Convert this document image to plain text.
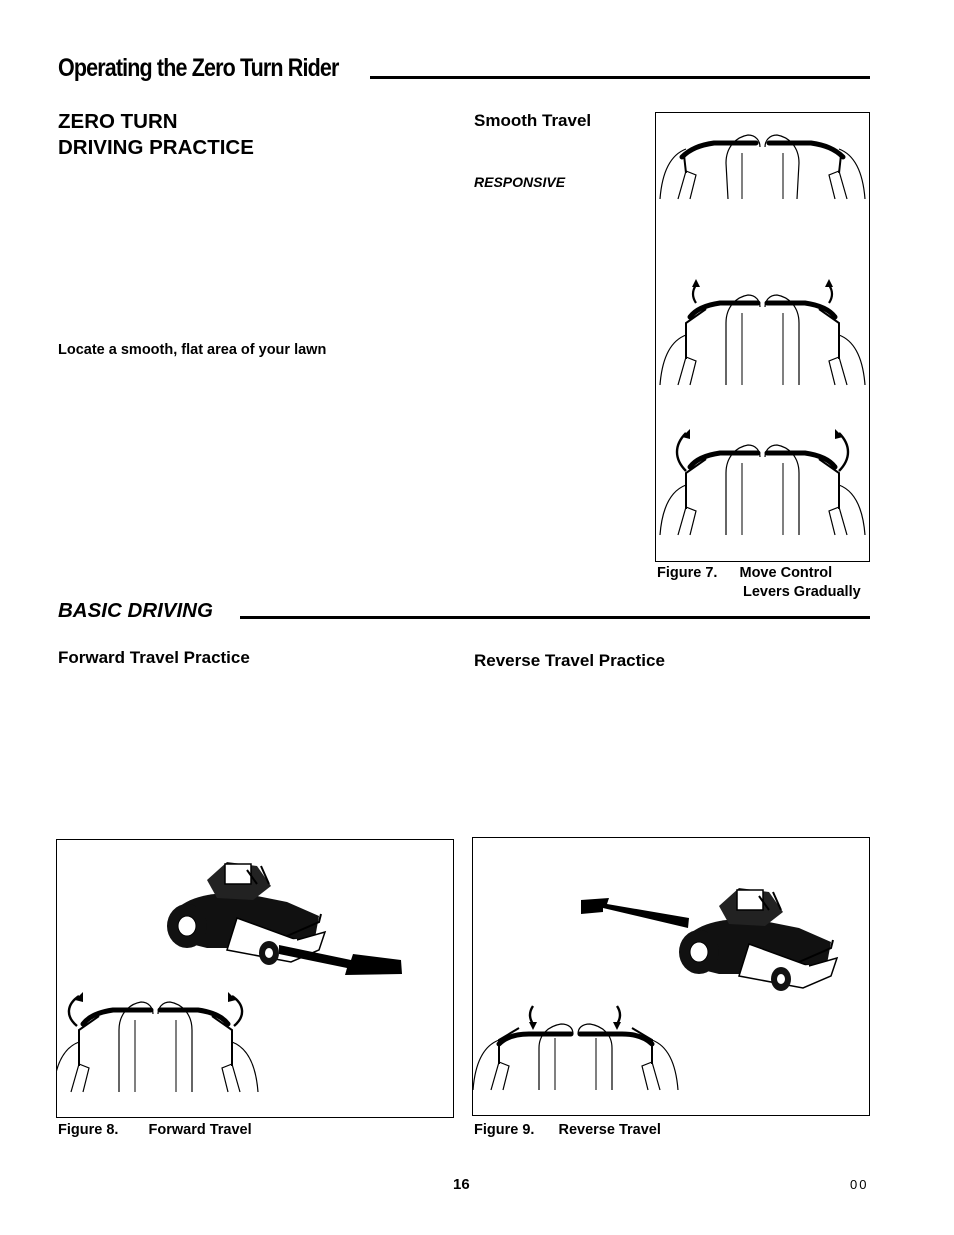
Operating the Zero Turn Rider
ZERO TURN
DRIVING PRACTICE
Locate a smooth, flat area of your lawn
Smooth Travel
RESPONSIVE
Figure 7. Move Control
Levers Gradually
BASIC DRIVING
Forward Travel Practice	Reverse Travel Practice
Figure 8. Forward Travel	Figure 9. Reverse Travel
16	00
